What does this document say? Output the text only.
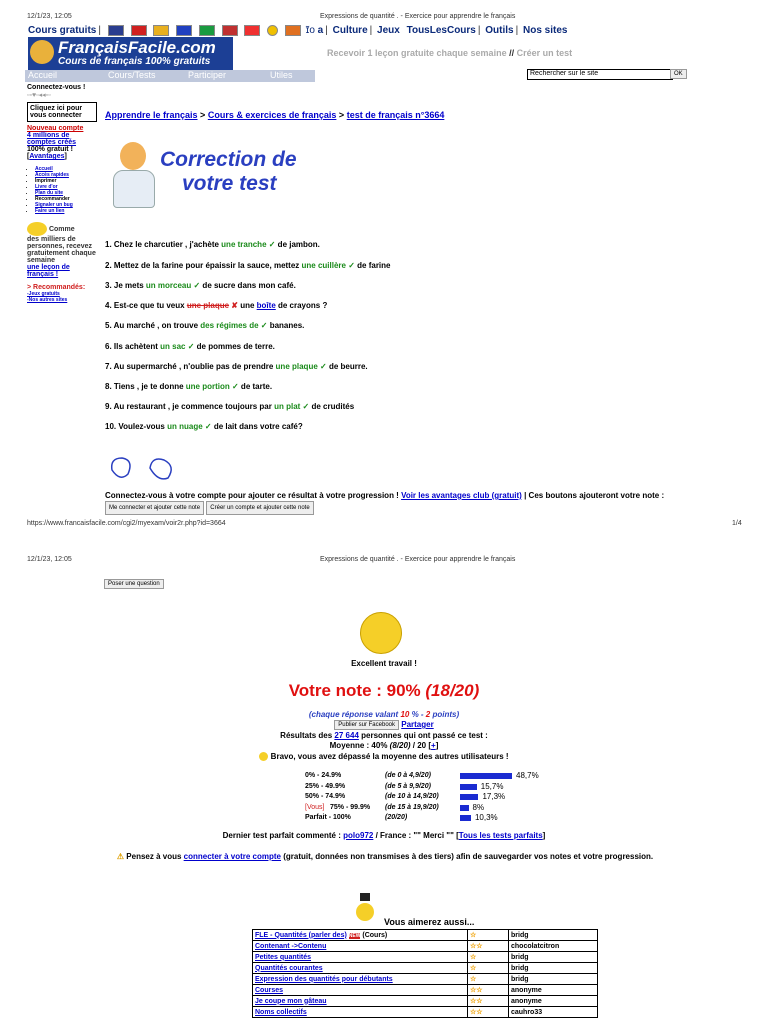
12/1/23, 12:05	Expressions de quantité . - Exercice pour apprendre le français
Cours gratuits |	ɪ̃o a | Culture | Jeux TousLesCours | Outils | Nos sites
FrançaisFacile.com
Cours de français 100% gratuits
Recevoir 1 leçon gratuite chaque semaine // Créer un test
Accueil	Cours/Tests	Participer	Utiles	Rechercher sur le site	OK
Connectez-vous !
▫▫♥▫◂◂▫▫
Cliquez ici pour vous connecter
Nouveau compte
4 millions de comptes créés
100% gratuit !
[Avantages]
• Accueil
• Accès rapides
• Imprimer
• Livre d'or
• Plan du site
• Recommander
• Signaler un bug
• Faire un lien
Comme
des milliers de personnes, recevez gratuitement chaque semaine
une leçon de français !
> Recommandés:
-Jeux gratuits
-Nos autres sites
Apprendre le français > Cours & exercices de français > test de français n°3664
Correction de
votre test
1. Chez le charcutier , j'achète une tranche ✓ de jambon.
2. Mettez de la farine pour épaissir la sauce, mettez une cuillère ✓ de farine
3. Je mets un morceau ✓ de sucre dans mon café.
4. Est-ce que tu veux une plaque ✘ une boîte de crayons ?
5. Au marché , on trouve des régimes de ✓ bananes.
6. Ils achètent un sac ✓ de pommes de terre.
7. Au supermarché , n'oublie pas de prendre une plaque ✓ de beurre.
8. Tiens , je te donne une portion ✓ de tarte.
9. Au restaurant , je commence toujours par un plat ✓ de crudités
10. Voulez-vous un nuage ✓ de lait dans votre café?
Connectez-vous à votre compte pour ajouter ce résultat à votre progression ! Voir les avantages club (gratuit) | Ces boutons ajouteront votre note : Me connecter et ajouter cette note Créer un compte et ajouter cette note
https://www.francaisfacile.com/cgi2/myexam/voir2r.php?id=3664	1/4
12/1/23, 12:05	Expressions de quantité . - Exercice pour apprendre le français
Poser une question
Excellent travail !
Votre note : 90% (18/20)
(chaque réponse valant 10 % - 2 points)
Publier sur Facebook Partager
Résultats des 27 644 personnes qui ont passé ce test :
Moyenne : 40% (8/20) / 20 [+]
Bravo, vous avez dépassé la moyenne des autres utilisateurs !
0% - 24.9%	(de 0 à 4,9/20)	48,7%
25% - 49.9%	(de 5 à 9,9/20)	15,7%
50% - 74.9%	(de 10 à 14,9/20)	17,3%
[Vous] 75% - 99.9% (de 15 à 19,9/20)	8%
Parfait - 100%	(20/20)	10,3%
Dernier test parfait commenté : polo972 / France : "" Merci "" [Tous les tests parfaits]
⚠ Pensez à vous connecter à votre compte (gratuit, données non transmises à des tiers) afin de sauvegarder vos notes et votre progression.
Vous aimerez aussi...
FLE - Quantités (parler des) NEW (Cours)	☆	bridg
Contenant ->Contenu	☆☆	chocolatcitron
Petites quantités	☆	bridg
Quantités courantes	☆	bridg
Expression des quantités pour débutants	☆	bridg
Courses	☆☆	anonyme
Je coupe mon gâteau	☆☆	anonyme
Noms collectifs	☆☆	cauhro33
